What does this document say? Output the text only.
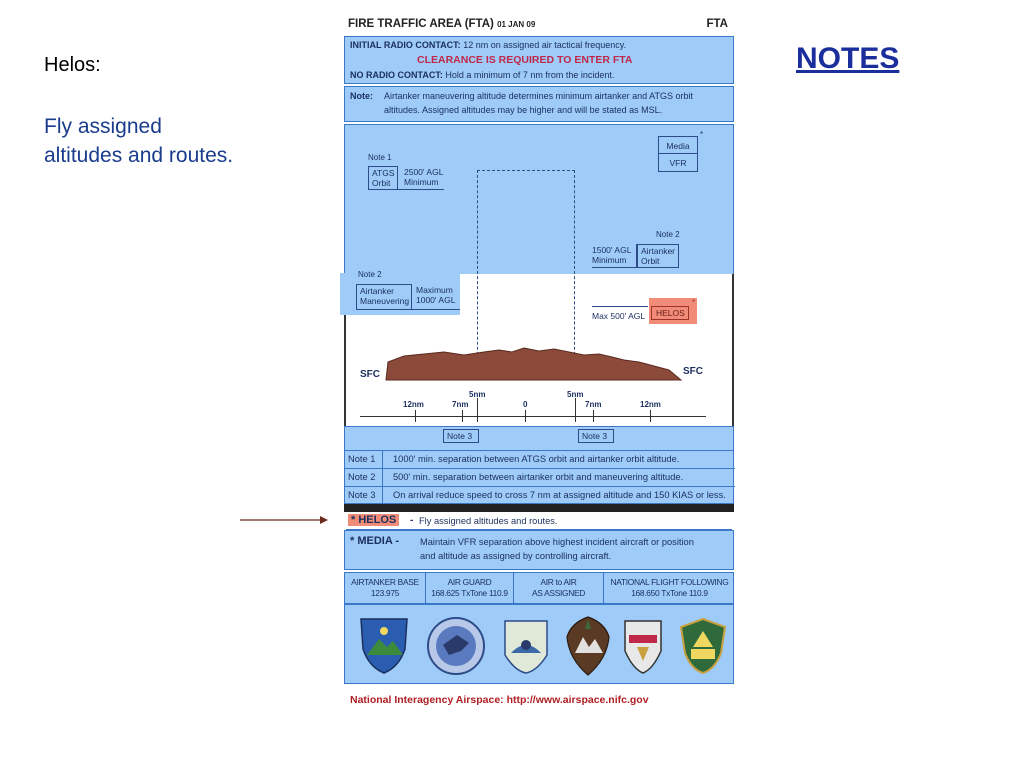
Helos:
Fly assigned altitudes and routes.
NOTES
FIRE TRAFFIC AREA (FTA) 01 JAN 09	FTA
INITIAL RADIO CONTACT: 12 nm on assigned air tactical frequency.
CLEARANCE IS REQUIRED TO ENTER FTA
NO RADIO CONTACT: Hold a minimum of 7 nm from the incident.
Note: Airtanker maneuvering altitude determines minimum airtanker and ATGS orbit
altitudes. Assigned altitudes may be higher and will be stated as MSL.
Note 1
ATGS
Orbit
2500' AGL
Minimum
Media
VFR
*
Note 2
1500' AGL
Minimum
Airtanker
Orbit
Note 2
Airtanker
Maneuvering
Maximum
1000' AGL
Max 500' AGL HELOS
*
SFC	SFC
5nm	5nm
12nm	7nm	0	7nm	12nm
Note 3	Note 3
Note 1	1000' min. separation between ATGS orbit and airtanker orbit altitude.
Note 2	500' min. separation between airtanker orbit and maneuvering altitude.
Note 3	On arrival reduce speed to cross 7 nm at assigned altitude and 150 KIAS or less.
* HELOS	- Fly assigned altitudes and routes.
* MEDIA - Maintain VFR separation above highest incident aircraft or position
and altitude as assigned by controlling aircraft.
AIRTANKER BASE
123.975
AIR GUARD
168.625 TxTone 110.9
AIR to AIR
AS ASSIGNED
NATIONAL FLIGHT FOLLOWING
168.650 TxTone 110.9
National Interagency Airspace: http://www.airspace.nifc.gov
